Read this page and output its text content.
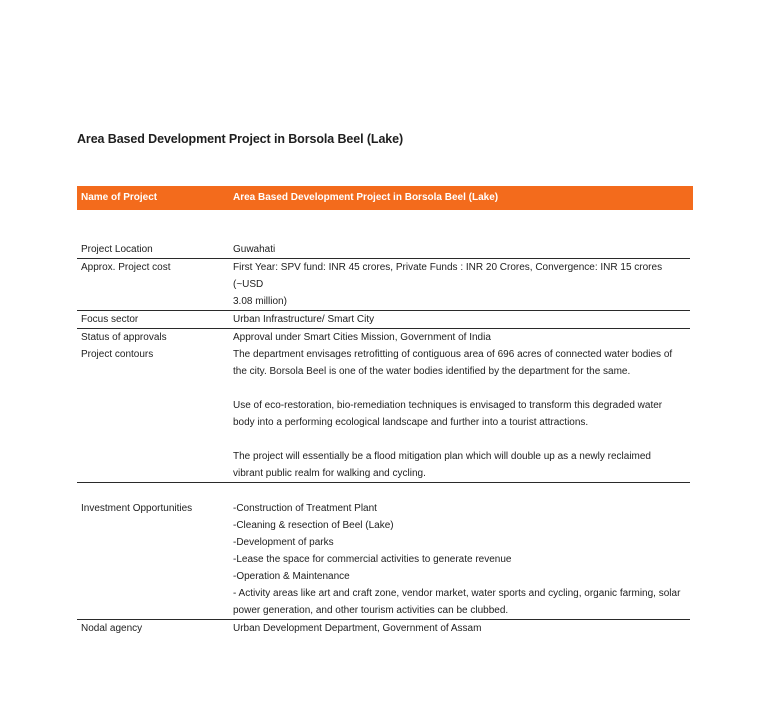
Area Based Development Project in Borsola Beel (Lake)
Name of Project	Area Based Development Project in Borsola Beel (Lake)
Project Location	Guwahati
Approx. Project cost	First Year: SPV fund: INR 45 crores, Private Funds : INR 20 Crores, Convergence: INR 15 crores (~USD
3.08 million)
Focus sector	Urban Infrastructure/ Smart City
Status of approvals	Approval under Smart Cities Mission, Government of India
Project contours	The department envisages retrofitting of contiguous area of 696 acres of connected water bodies of
the city. Borsola Beel is one of the water bodies identified by the department for the same.
Use of eco-restoration, bio-remediation techniques is envisaged to transform this degraded water
body into a performing ecological landscape and further into a tourist attractions.
The project will essentially be a flood mitigation plan which will double up as a newly reclaimed
vibrant public realm for walking and cycling.
Investment Opportunities	-Construction of Treatment Plant
-Cleaning & resection of Beel (Lake)
-Development of parks
-Lease the space for commercial activities to generate revenue
-Operation & Maintenance
- Activity areas like art and craft zone, vendor market, water sports and cycling, organic farming, solar
power generation, and other tourism activities can be clubbed.
Nodal agency	Urban Development Department, Government of Assam
